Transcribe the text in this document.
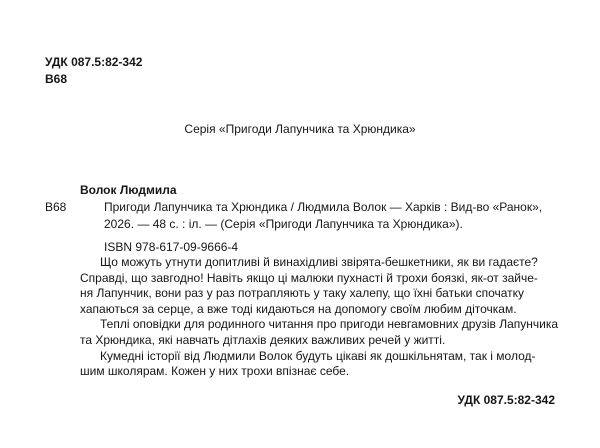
УДК 087.5:82-342
В68
Серія «Пригоди Лапунчика та Хрюндика»
Волок Людмила
В68	Пригоди Лапунчика та Хрюндика / Людмила Волок — Харків : Вид-во «Ранок»,
2026. — 48 с. : іл. — (Серія «Пригоди Лапунчика та Хрюндика»).
ISBN 978-617-09-9666-4
Що можуть утнути допитливі й винахідливі звірята-бешкетники, як ви гадаєте?
Справді, що завгодно! Навіть якщо ці малюки пухнасті й трохи боязкі, як-от зайче-
ня Лапунчик, вони раз у раз потрапляють у таку халепу, що їхні батьки спочатку
хапаються за серце, а вже тоді кидаються на допомогу своїм любим діточкам.
Теплі оповідки для родинного читання про пригоди невгамовних друзів Лапунчика
та Хрюндика, які навчать дітлахів деяких важливих речей у житті.
Кумедні історії від Людмили Волок будуть цікаві як дошкільнятам, так і молод-
шим школярам. Кожен у них трохи впізнає себе.
УДК 087.5:82-342
